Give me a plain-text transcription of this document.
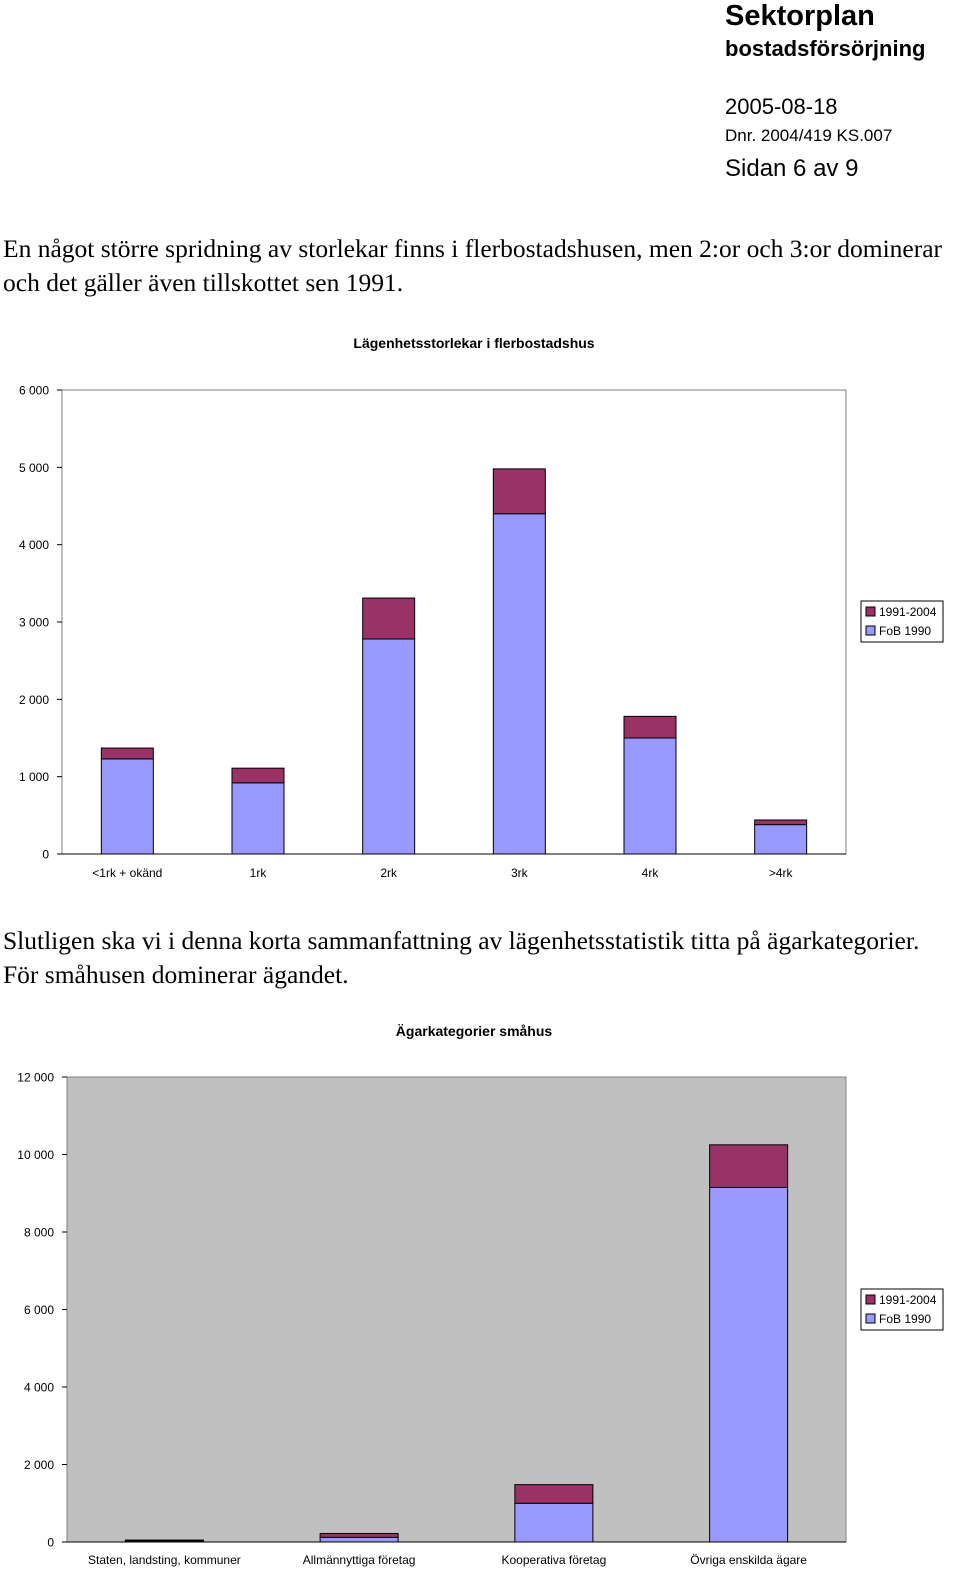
Sektorplan
bostadsförsörjning
2005-08-18
Dnr. 2004/419 KS.007
Sidan 6 av 9

En något större spridning av storlekar finns i flerbostadshusen, men 2:or och 3:or dominerar och det gäller även tillskottet sen 1991.

Lägenhetsstorlekar i flerbostadshus
0
1 000
2 000
3 000
4 000
5 000
6 000
<1rk + okänd	1rk	2rk	3rk	4rk	>4rk
1991-2004
FoB 1990

Slutligen ska vi i denna korta sammanfattning av lägenhetsstatistik titta på ägarkategorier. För småhusen dominerar ägandet.

Ägarkategorier småhus
0
2 000
4 000
6 000
8 000
10 000
12 000
Staten, landsting, kommuner	Allmännyttiga företag	Kooperativa företag	Övriga enskilda ägare
1991-2004
FoB 1990
